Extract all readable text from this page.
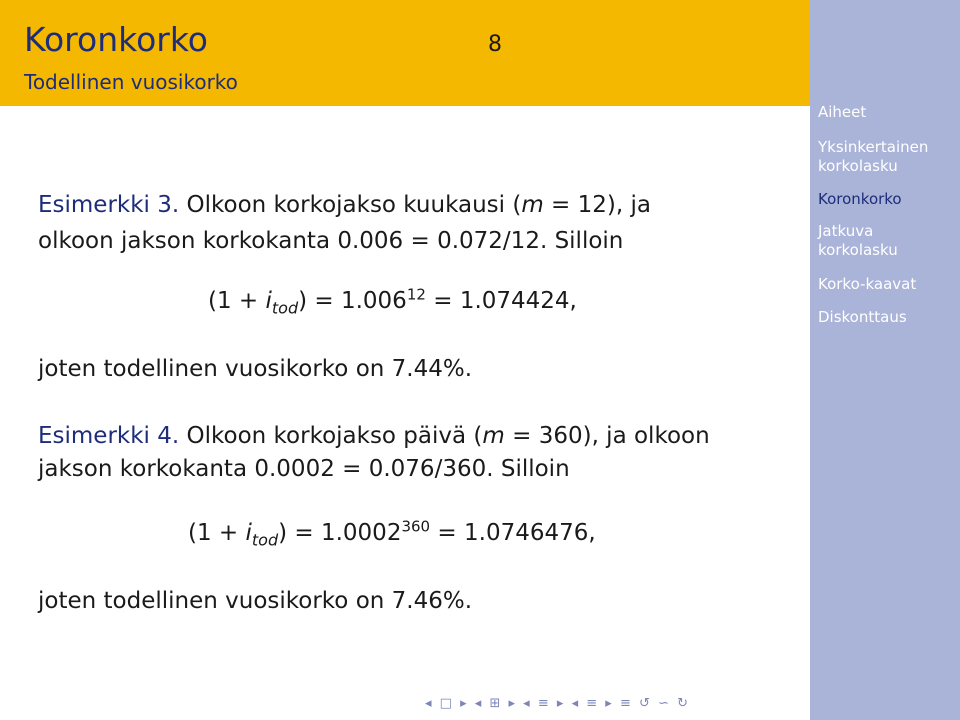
Koronkorko
Todellinen vuosikorko
8
Aiheet
Yksinkertainen korkolasku
Koronkorko
Jatkuva korkolasku
Korko-kaavat
Diskonttaus
Esimerkki 3. Olkoon korkojakso kuukausi (m = 12), ja
olkoon jakson korkokanta 0.006 = 0.072/12. Silloin
$(1 + i_{tod}) = 1.006^{12} = 1.074424$,
joten todellinen vuosikorko on 7.44%.
Esimerkki 4. Olkoon korkojakso päivä (m = 360), ja olkoon
jakson korkokanta 0.0002 = 0.076/360. Silloin
$(1 + i_{tod}) = 1.0002^{360} = 1.0746476$,
joten todellinen vuosikorko on 7.46%.
◂ □ ▸ ◂ ⊞ ▸ ◂ ≡ ▸ ◂ ≡ ▸ ≡ ↺ ∽ ↻
